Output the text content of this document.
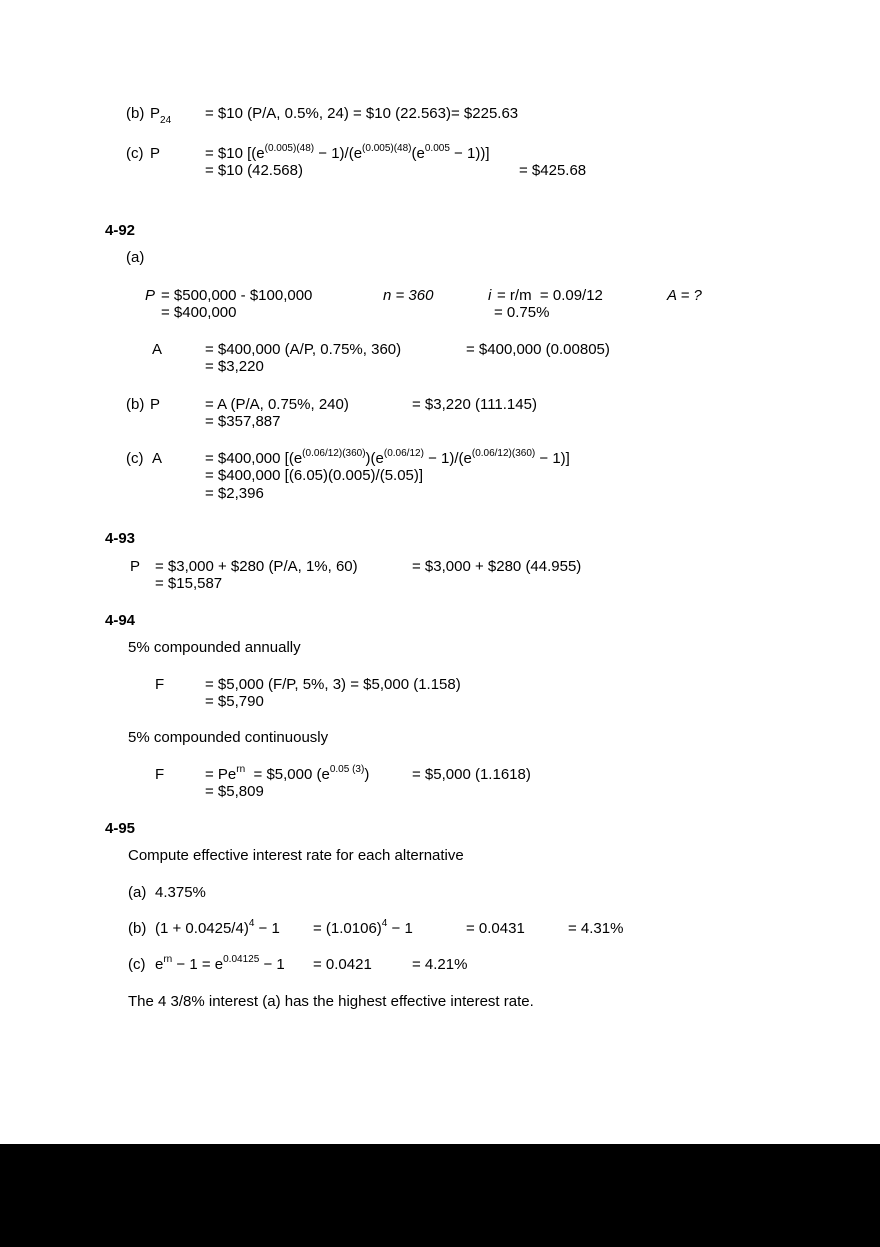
(b) $P_{24}$ = $10 (P/A, 0.5%, 24) = $10 (22.563)= $225.63
(c) P	= $10 $[(e^{(0.005)(48)} - 1)/(e^{(0.005)(48)}(e^{0.005} - 1))]$
= $10 (42.568)	= $425.68
4-92
(a)
P = $500,000 - $100,000	n = 360	i = r/m  = 0.09/12	A = ?
= $400,000	= 0.75%
A	= $400,000 (A/P, 0.75%, 360)	= $400,000 (0.00805)
= $3,220
(b) P	= A (P/A, 0.75%, 240)	= $3,220 (111.145)
= $357,887
(c) A	= $400,000 $[(e^{(0.06/12)(360)})(e^{(0.06/12)} - 1)/(e^{(0.06/12)(360)} - 1)]$
= $400,000 [(6.05)(0.005)/(5.05)]
= $2,396
4-93
P = $3,000 + $280 (P/A, 1%, 60)	= $3,000 + $280 (44.955)
= $15,587
4-94
5% compounded annually
F	= $5,000 (F/P, 5%, 3) = $5,000 (1.158)
= $5,790
5% compounded continuously
F	= $Pe^{rn}$  = $5,000 $(e^{0.05 (3)})$	= $5,000 (1.1618)
= $5,809
4-95
Compute effective interest rate for each alternative
(a) 4.375%
(b) $(1 + 0.0425/4)^4 - 1 = (1.0106)^4 - 1$	= 0.0431	= 4.31%
(c) $e^{rn} - 1 = e^{0.04125} - 1 = 0.0421$	= 4.21%
The 4 3/8% interest (a) has the highest effective interest rate.
